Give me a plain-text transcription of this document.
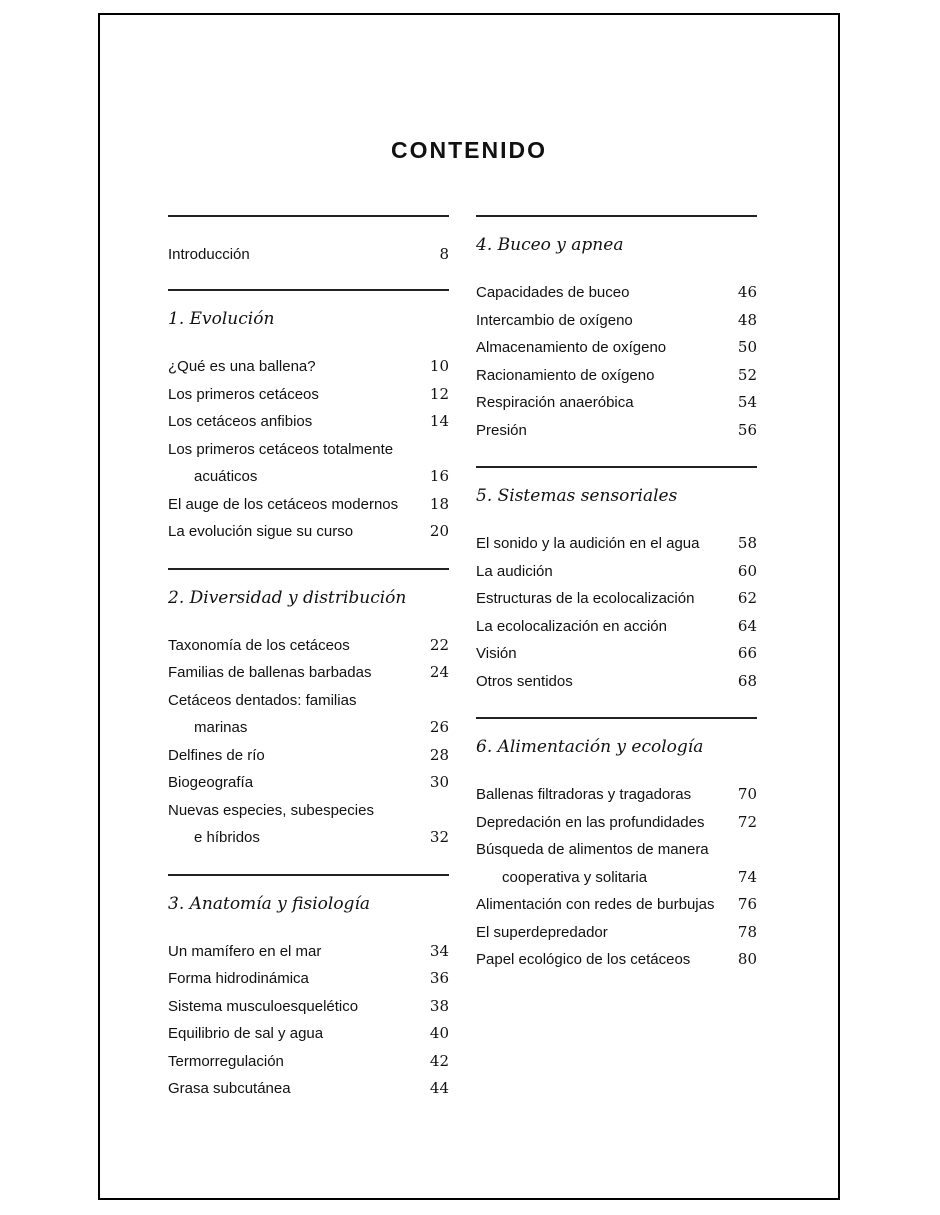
CONTENIDO
Introducción	8
1. Evolución
¿Qué es una ballena?	10
Los primeros cetáceos	12
Los cetáceos anfibios	14
Los primeros cetáceos totalmente
acuáticos	16
El auge de los cetáceos modernos	18
La evolución sigue su curso	20
2. Diversidad y distribución
Taxonomía de los cetáceos	22
Familias de ballenas barbadas	24
Cetáceos dentados: familias
marinas	26
Delfines de río	28
Biogeografía	30
Nuevas especies, subespecies
e híbridos	32
3. Anatomía y fisiología
Un mamífero en el mar	34
Forma hidrodinámica	36
Sistema musculoesquelético	38
Equilibrio de sal y agua	40
Termorregulación	42
Grasa subcutánea	44
4. Buceo y apnea
Capacidades de buceo	46
Intercambio de oxígeno	48
Almacenamiento de oxígeno	50
Racionamiento de oxígeno	52
Respiración anaeróbica	54
Presión	56
5. Sistemas sensoriales
El sonido y la audición en el agua	58
La audición	60
Estructuras de la ecolocalización	62
La ecolocalización en acción	64
Visión	66
Otros sentidos	68
6. Alimentación y ecología
Ballenas filtradoras y tragadoras	70
Depredación en las profundidades	72
Búsqueda de alimentos de manera
cooperativa y solitaria	74
Alimentación con redes de burbujas	76
El superdepredador	78
Papel ecológico de los cetáceos	80
